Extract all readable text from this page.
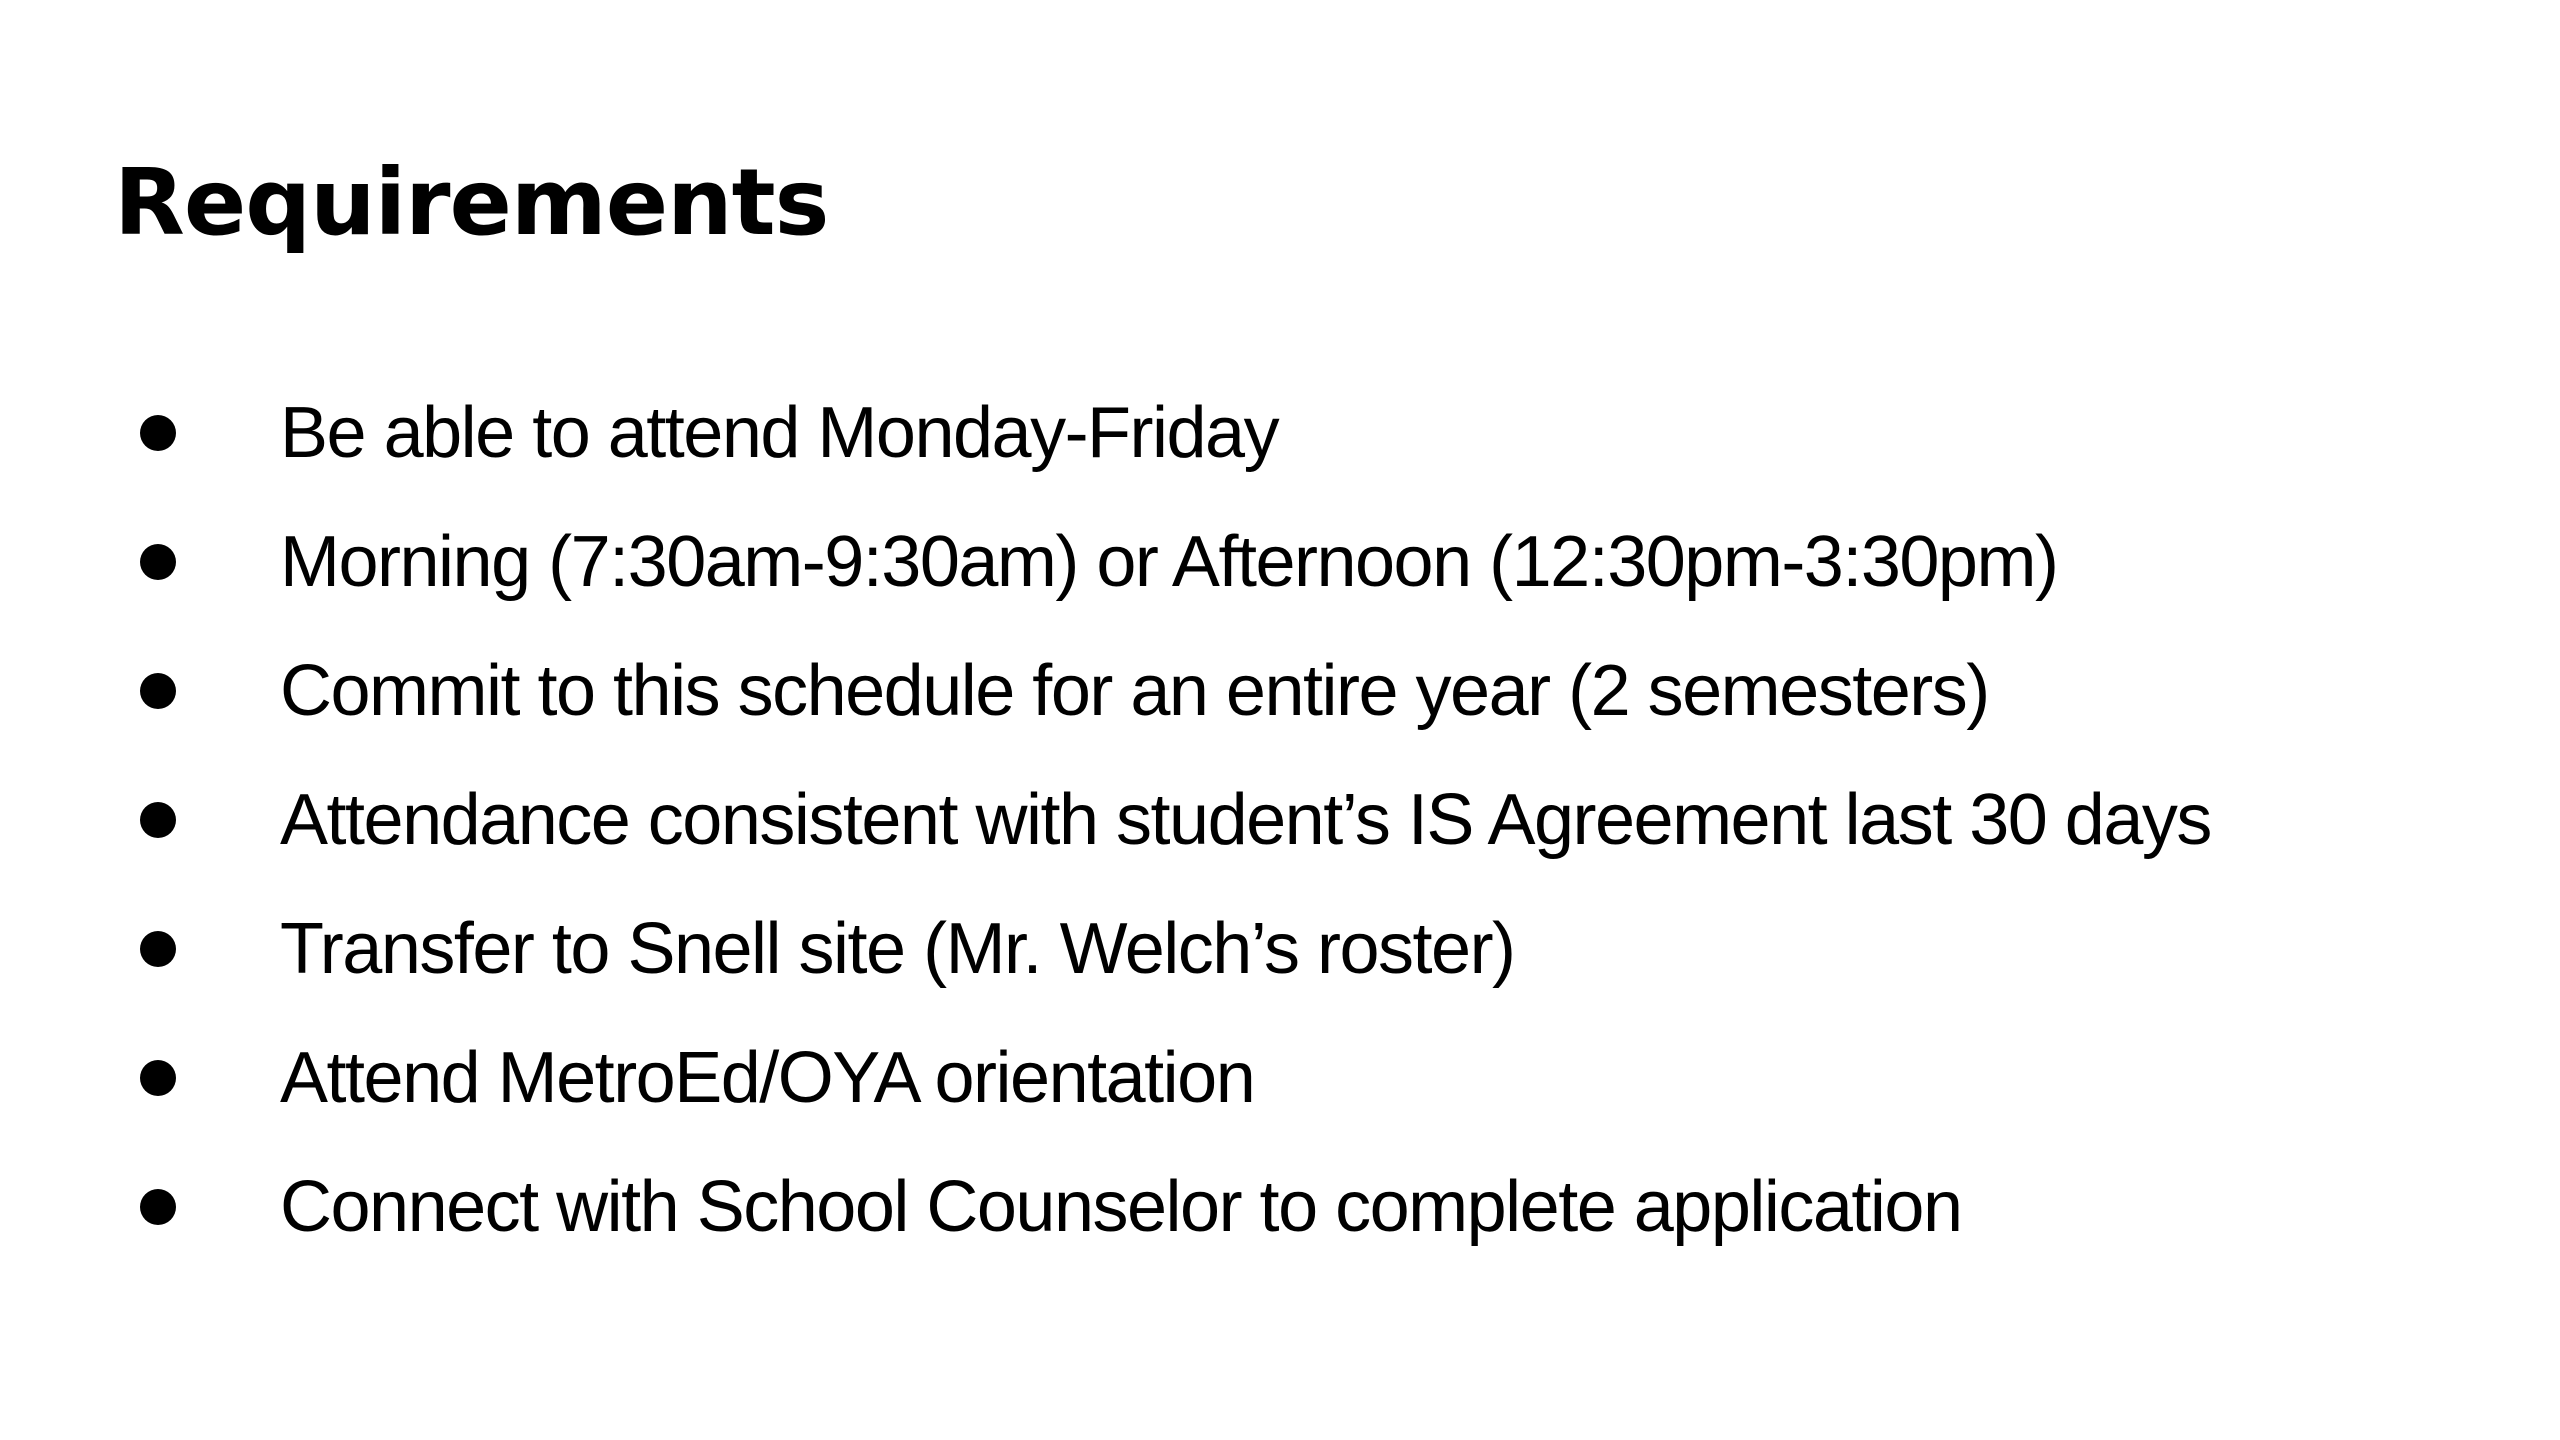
Requirements
Be able to attend Monday-Friday
Morning (7:30am-9:30am) or Afternoon (12:30pm-3:30pm)
Commit to this schedule for an entire year (2 semesters)
Attendance consistent with student’s IS Agreement last 30 days
Transfer to Snell site (Mr. Welch’s roster)
Attend MetroEd/OYA orientation
Connect with School Counselor to complete application
